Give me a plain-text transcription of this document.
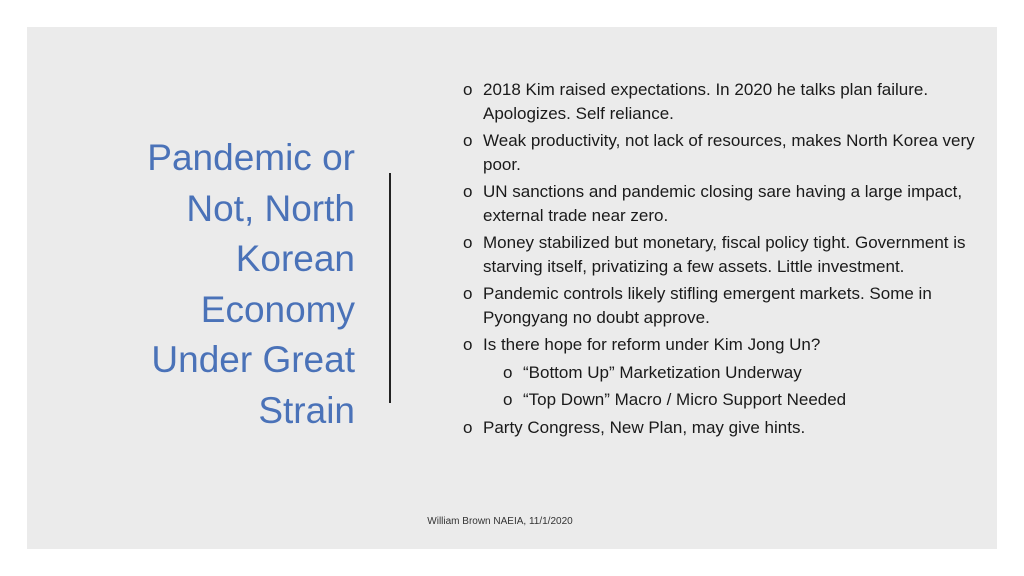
Pandemic or
Not, North
Korean
Economy
Under Great
Strain
o 2018 Kim raised expectations. In 2020 he talks plan failure. Apologizes. Self reliance.
o Weak productivity, not lack of resources, makes North Korea very poor.
o UN sanctions and pandemic closing sare having a large impact, external trade near zero.
o Money stabilized but monetary, fiscal policy tight. Government is starving itself, privatizing a few assets. Little investment.
o Pandemic controls likely stifling emergent markets. Some in Pyongyang no doubt approve.
o Is there hope for reform under Kim Jong Un?
o “Bottom Up” Marketization Underway
o “Top Down” Macro / Micro Support Needed
o Party Congress, New Plan, may give hints.
William Brown NAEIA, 11/1/2020
